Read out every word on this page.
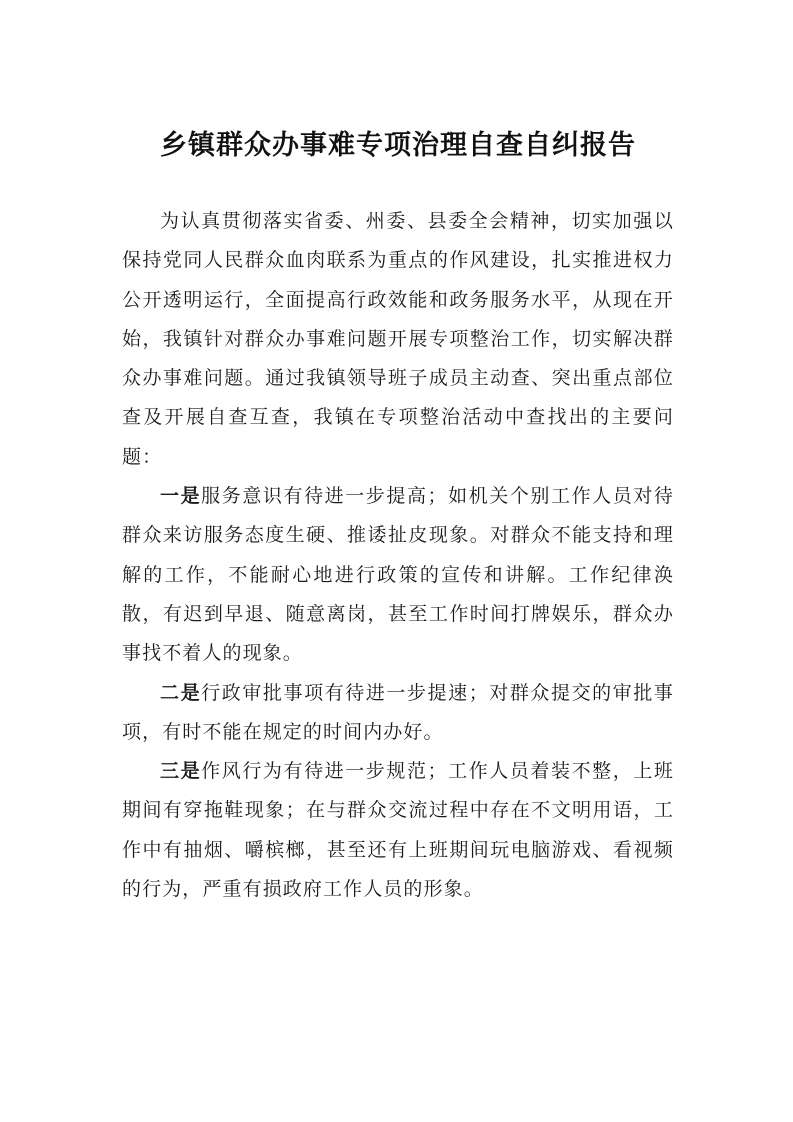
乡镇群众办事难专项治理自查自纠报告

为认真贯彻落实省委、州委、县委全会精神，切实加强以保持党同人民群众血肉联系为重点的作风建设，扎实推进权力公开透明运行，全面提高行政效能和政务服务水平，从现在开始，我镇针对群众办事难问题开展专项整治工作，切实解决群众办事难问题。通过我镇领导班子成员主动查、突出重点部位查及开展自查互查，我镇在专项整治活动中查找出的主要问题：

一是服务意识有待进一步提高；如机关个别工作人员对待群众来访服务态度生硬、推诿扯皮现象。对群众不能支持和理解的工作，不能耐心地进行政策的宣传和讲解。工作纪律涣散，有迟到早退、随意离岗，甚至工作时间打牌娱乐，群众办事找不着人的现象。

二是行政审批事项有待进一步提速；对群众提交的审批事项，有时不能在规定的时间内办好。

三是作风行为有待进一步规范；工作人员着装不整，上班期间有穿拖鞋现象；在与群众交流过程中存在不文明用语，工作中有抽烟、嚼槟榔，甚至还有上班期间玩电脑游戏、看视频的行为，严重有损政府工作人员的形象。
